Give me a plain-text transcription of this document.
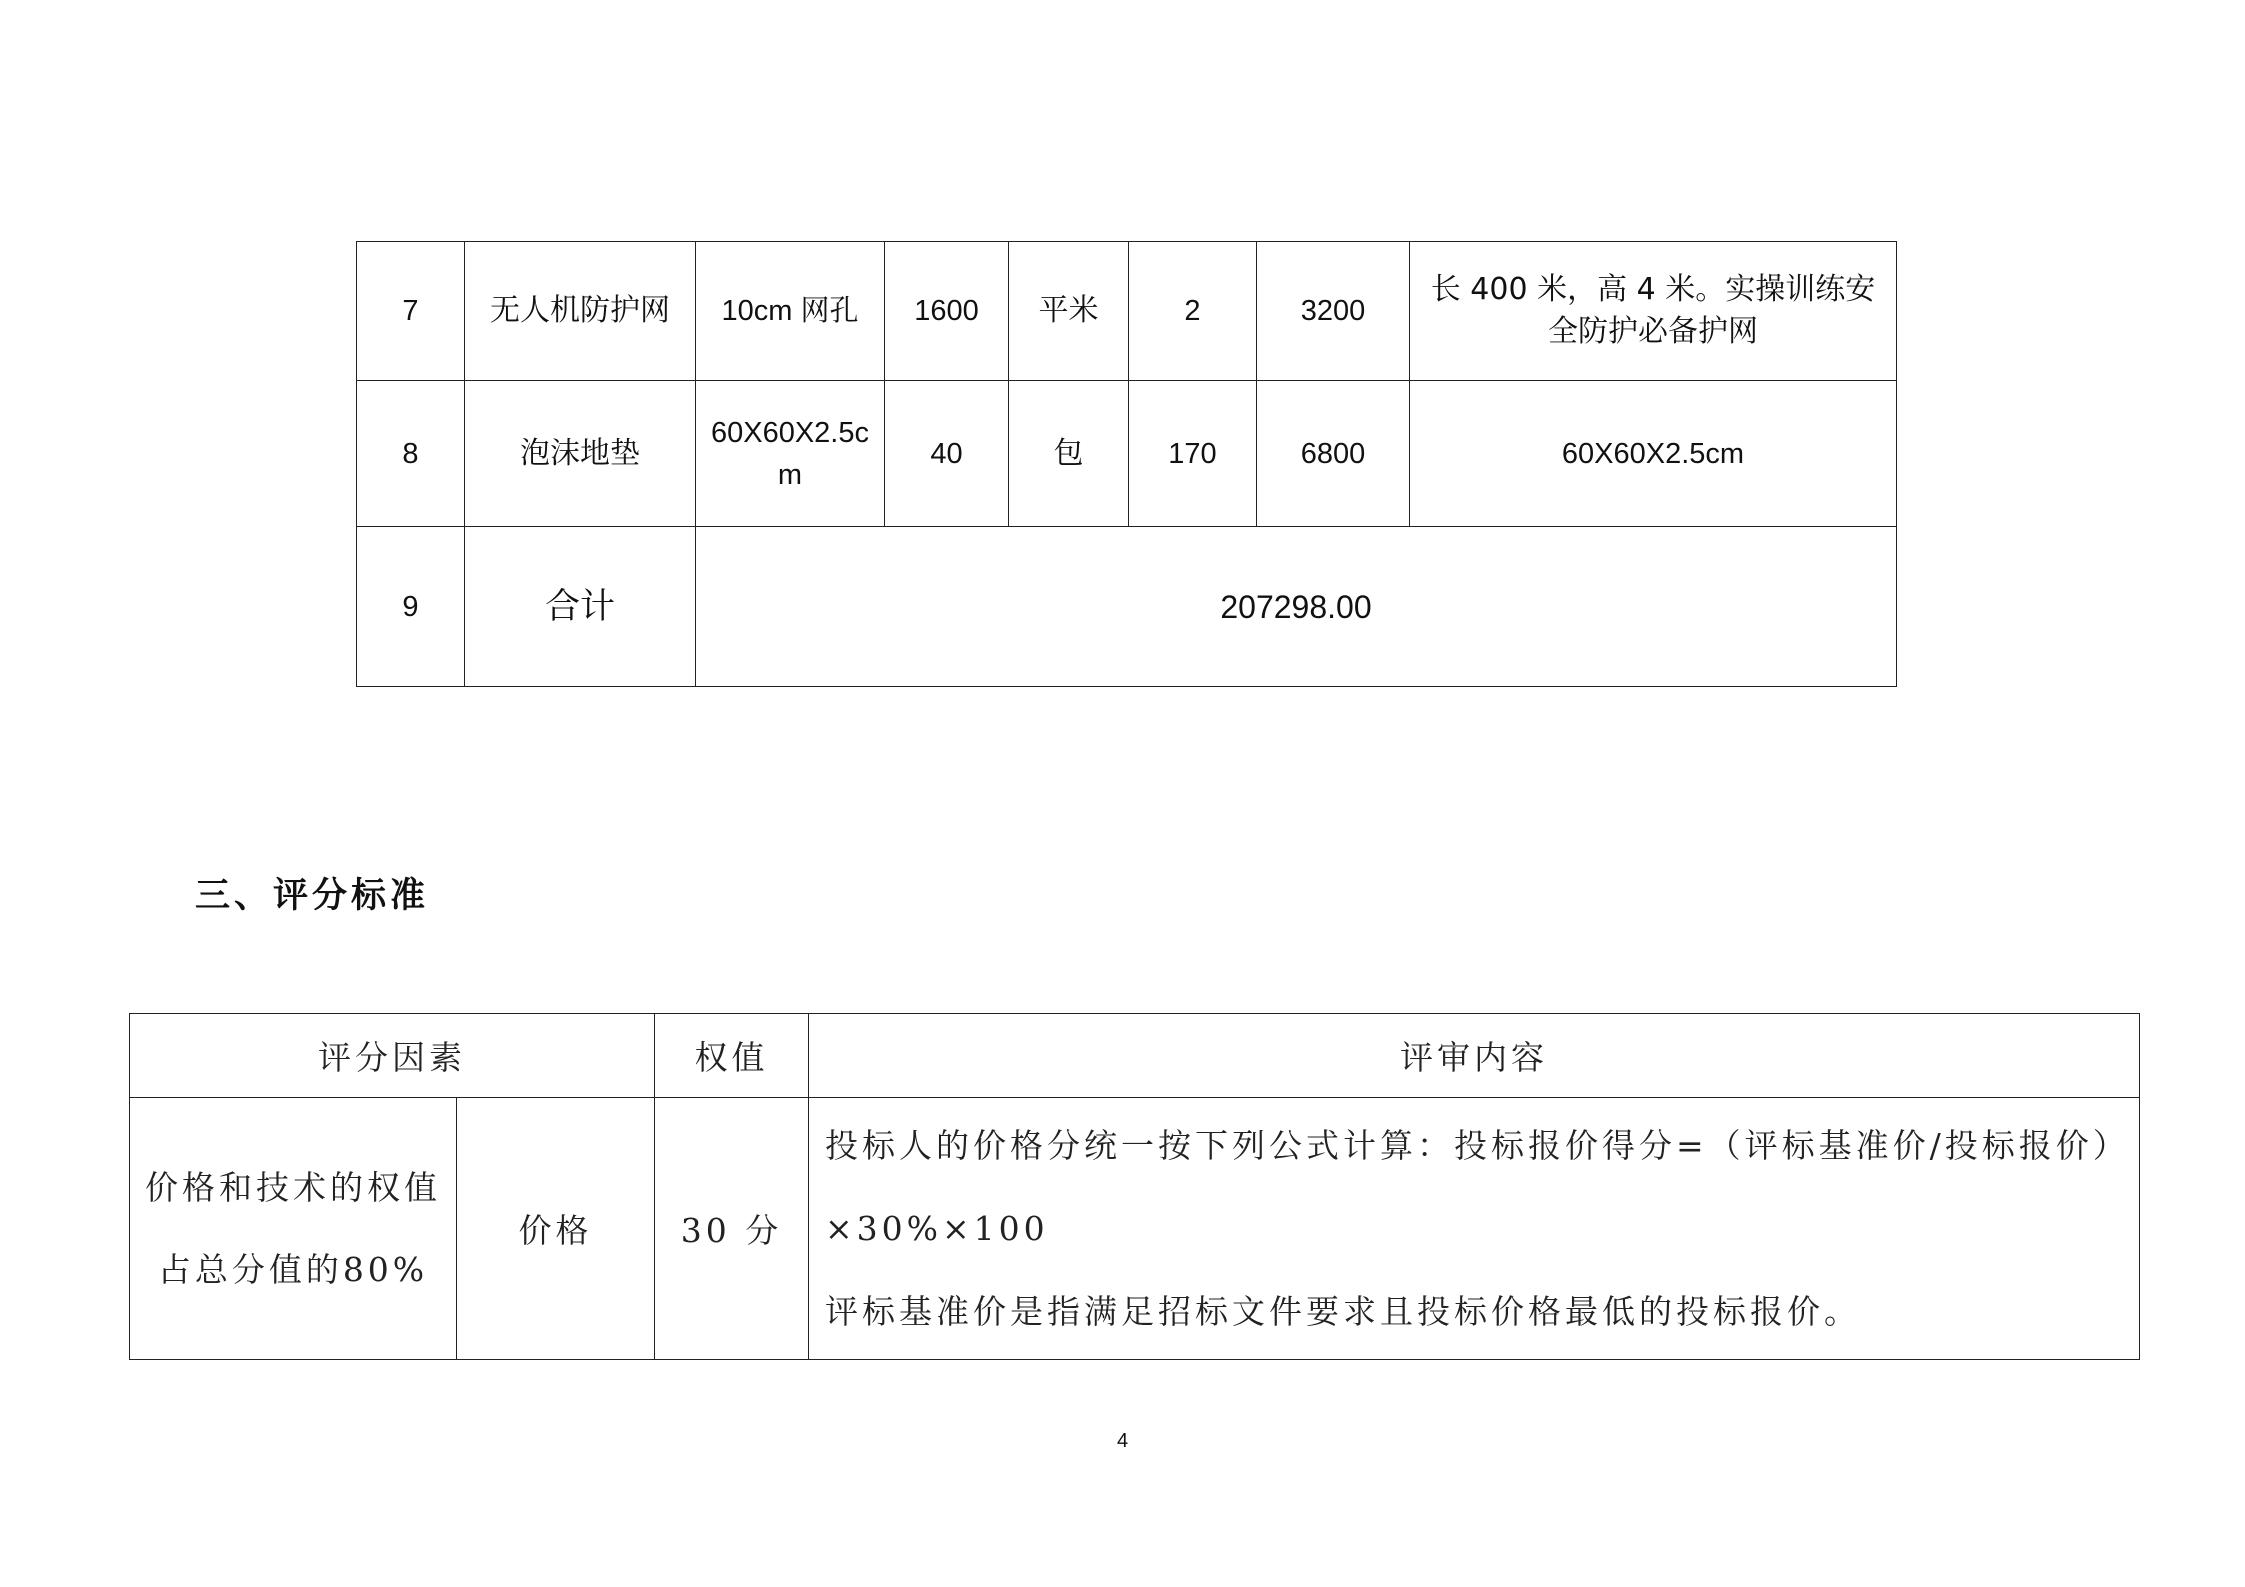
7	无人机防护网	10cm 网孔	1600	平米	2	3200	长 400 米，高 4 米。实操训练安全防护必备护网
8	泡沫地垫	60X60X2.5cm	40	包	170	6800	60X60X2.5cm
9	合计	207298.00					
三、评分标准
评分因素		权值	评审内容
价格和技术的权值占总分值的80%	价格	30 分	投标人的价格分统一按下列公式计算：投标报价得分=（评标基准价/投标报价）×30%×100
评标基准价是指满足招标文件要求且投标价格最低的投标报价。
4
